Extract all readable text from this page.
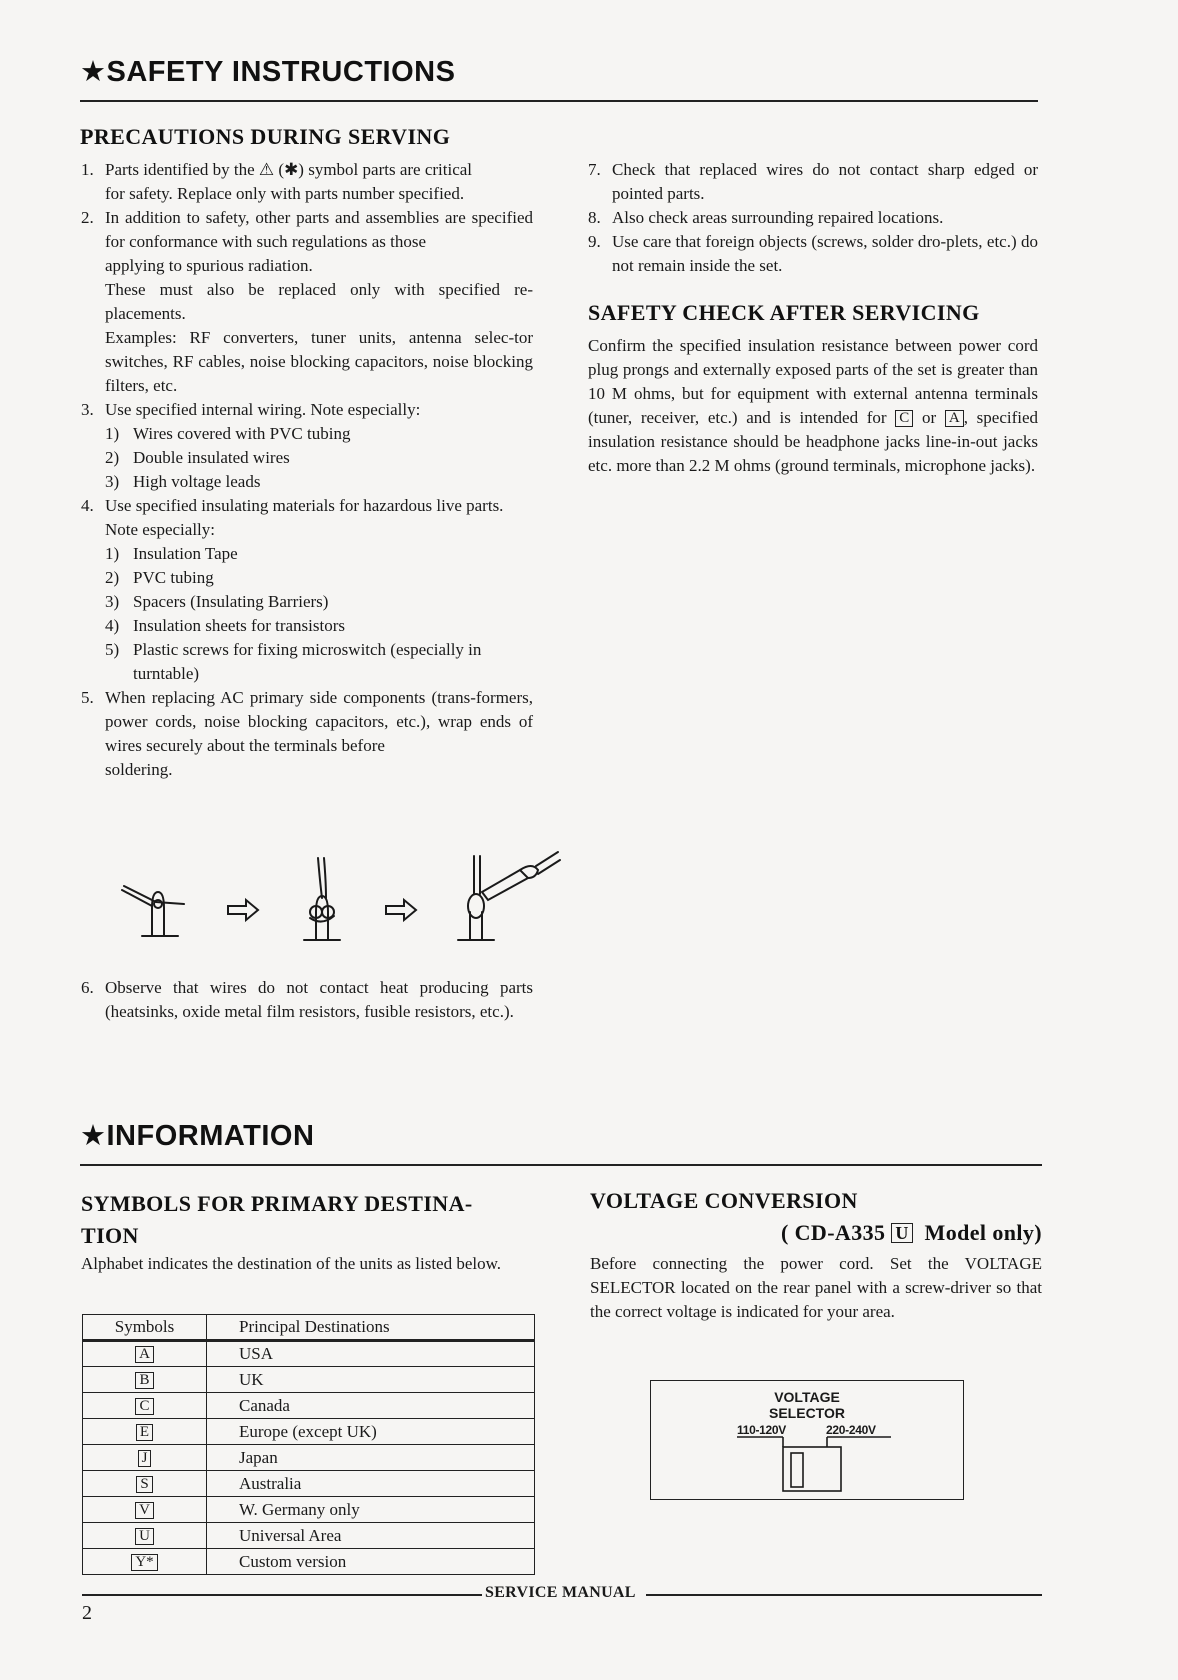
★SAFETY INSTRUCTIONS
PRECAUTIONS DURING SERVING
1. Parts identified by the ⚠ (✱) symbol parts are critical
for safety. Replace only with parts number specified.
2. In addition to safety, other parts and assemblies are specified for conformance with such regulations as those

applying to spurious radiation.

These must also be replaced only with specified re-placements.

Examples: RF converters, tuner units, antenna selec-tor switches, RF cables, noise blocking capacitors, noise blocking filters, etc.

3. Use specified internal wiring. Note especially:

1) Wires covered with PVC tubing

2) Double insulated wires

3) High voltage leads

4. Use specified insulating materials for hazardous live parts. Note especially:

1) Insulation Tape

2) PVC tubing

3) Spacers (Insulating Barriers)

4) Insulation sheets for transistors

5) Plastic screws for fixing microswitch (especially in turntable)

5. When replacing AC primary side components (trans-formers, power cords, noise blocking capacitors, etc.), wrap ends of wires securely about the terminals before

soldering.

6. Observe that wires do not contact heat producing parts (heatsinks, oxide metal film resistors, fusible resistors, etc.).

7. Check that replaced wires do not contact sharp edged or pointed parts.

8. Also check areas surrounding repaired locations.

9. Use care that foreign objects (screws, solder dro-plets, etc.) do not remain inside the set.

SAFETY CHECK AFTER SERVICING
Confirm the specified insulation resistance between power cord plug prongs and externally exposed parts of the set is greater than 10 M ohms, but for equipment with external antenna terminals (tuner, receiver, etc.) and is intended for C or A , specified insulation resistance should be headphone jacks line-in-out jacks etc. more than 2.2 M ohms (ground terminals, microphone jacks).
★INFORMATION
SYMBOLS FOR PRIMARY DESTINA-
TION
Alphabet indicates the destination of the units as listed below.
Symbols	Principal Destinations
A	USA
B	UK
C	Canada
E	Europe (except UK)
J	Japan
S	Australia
V	W. Germany only
U	Universal Area
Y*	Custom version
VOLTAGE CONVERSION
( CD-A335 U Model only)
Before connecting the power cord. Set the VOLTAGE SELECTOR located on the rear panel with a screw-driver so that the correct voltage is indicated for your area.
VOLTAGE
SELECTOR
110-120V	220-240V
SERVICE MANUAL
2
